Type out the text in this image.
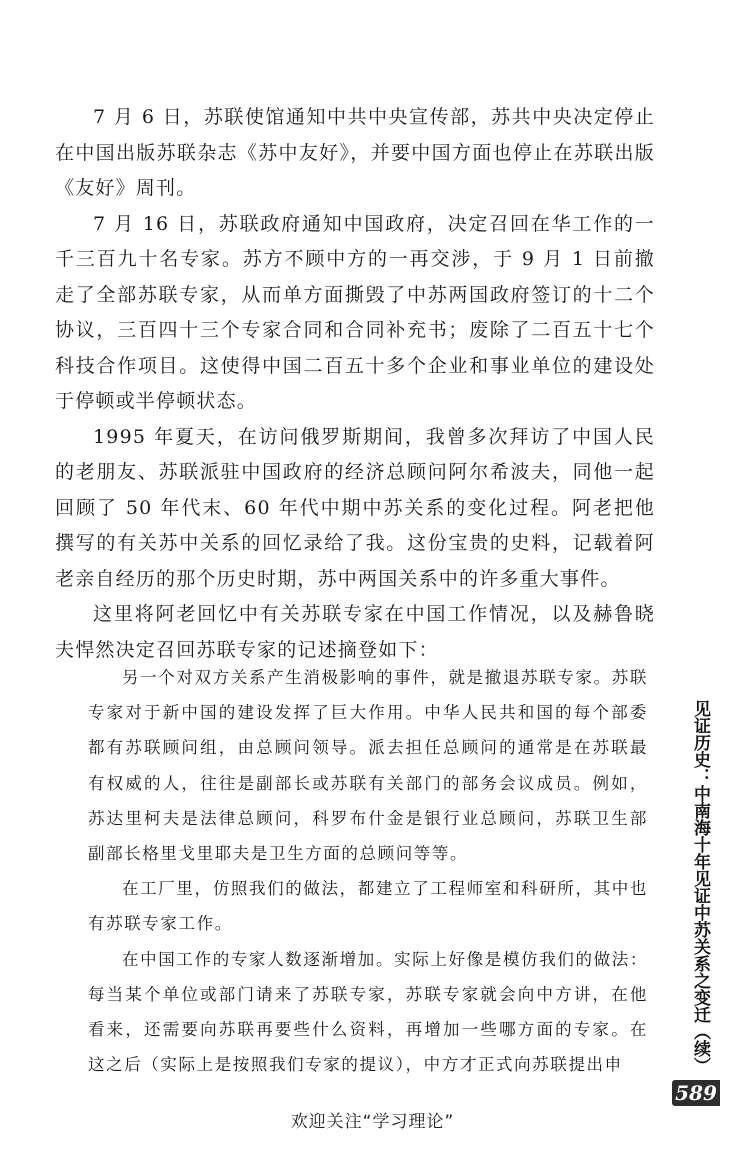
7 月 6 日，苏联使馆通知中共中央宣传部，苏共中央决定停止在中国出版苏联杂志《苏中友好》，并要中国方面也停止在苏联出版《友好》周刊。

7 月 16 日，苏联政府通知中国政府，决定召回在华工作的一千三百九十名专家。苏方不顾中方的一再交涉，于 9 月 1 日前撤走了全部苏联专家，从而单方面撕毁了中苏两国政府签订的十二个协议，三百四十三个专家合同和合同补充书；废除了二百五十七个科技合作项目。这使得中国二百五十多个企业和事业单位的建设处于停顿或半停顿状态。

1995 年夏天，在访问俄罗斯期间，我曾多次拜访了中国人民的老朋友、苏联派驻中国政府的经济总顾问阿尔希波夫，同他一起回顾了 50 年代末、60 年代中期中苏关系的变化过程。阿老把他撰写的有关苏中关系的回忆录给了我。这份宝贵的史料，记载着阿老亲自经历的那个历史时期，苏中两国关系中的许多重大事件。

这里将阿老回忆中有关苏联专家在中国工作情况，以及赫鲁晓夫悍然决定召回苏联专家的记述摘登如下：

另一个对双方关系产生消极影响的事件，就是撤退苏联专家。苏联专家对于新中国的建设发挥了巨大作用。中华人民共和国的每个部委都有苏联顾问组，由总顾问领导。派去担任总顾问的通常是在苏联最有权威的人，往往是副部长或苏联有关部门的部务会议成员。例如，苏达里柯夫是法律总顾问，科罗布什金是银行业总顾问，苏联卫生部副部长格里戈里耶夫是卫生方面的总顾问等等。

在工厂里，仿照我们的做法，都建立了工程师室和科研所，其中也有苏联专家工作。

在中国工作的专家人数逐渐增加。实际上好像是模仿我们的做法：每当某个单位或部门请来了苏联专家，苏联专家就会向中方讲，在他看来，还需要向苏联再要些什么资料，再增加一些哪方面的专家。在这之后（实际上是按照我们专家的提议），中方才正式向苏联提出申	见证历史：中南海十年见证中苏关系之变迁（续）
589
欢迎关注“学习理论”
